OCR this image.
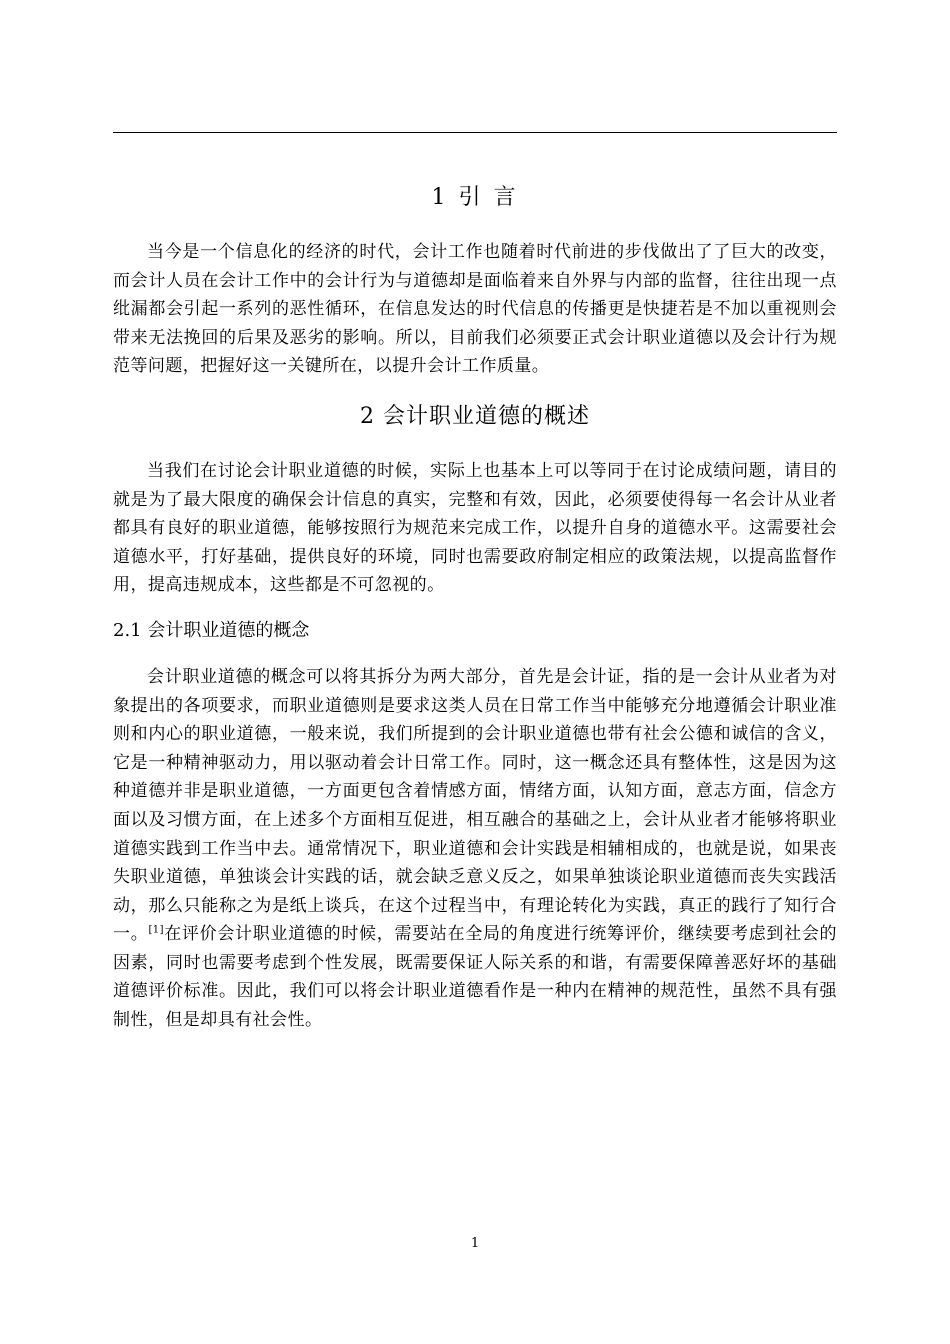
1 引 言

当今是一个信息化的经济的时代，会计工作也随着时代前进的步伐做出了了巨大的改变，而会计人员在会计工作中的会计行为与道德却是面临着来自外界与内部的监督，往往出现一点纰漏都会引起一系列的恶性循环，在信息发达的时代信息的传播更是快捷若是不加以重视则会带来无法挽回的后果及恶劣的影响。所以，目前我们必须要正式会计职业道德以及会计行为规范等问题，把握好这一关键所在，以提升会计工作质量。

2 会计职业道德的概述

当我们在讨论会计职业道德的时候，实际上也基本上可以等同于在讨论成绩问题，请目的就是为了最大限度的确保会计信息的真实，完整和有效，因此，必须要使得每一名会计从业者都具有良好的职业道德，能够按照行为规范来完成工作，以提升自身的道德水平。这需要社会道德水平，打好基础，提供良好的环境，同时也需要政府制定相应的政策法规，以提高监督作用，提高违规成本，这些都是不可忽视的。

2.1 会计职业道德的概念

会计职业道德的概念可以将其拆分为两大部分，首先是会计证，指的是一会计从业者为对象提出的各项要求，而职业道德则是要求这类人员在日常工作当中能够充分地遵循会计职业准则和内心的职业道德，一般来说，我们所提到的会计职业道德也带有社会公德和诚信的含义，它是一种精神驱动力，用以驱动着会计日常工作。同时，这一概念还具有整体性，这是因为这种道德并非是职业道德，一方面更包含着情感方面，情绪方面，认知方面，意志方面，信念方面以及习惯方面，在上述多个方面相互促进，相互融合的基础之上，会计从业者才能够将职业道德实践到工作当中去。通常情况下，职业道德和会计实践是相辅相成的，也就是说，如果丧失职业道德，单独谈会计实践的话，就会缺乏意义反之，如果单独谈论职业道德而丧失实践活动，那么只能称之为是纸上谈兵，在这个过程当中，有理论转化为实践，真正的践行了知行合一。[1]在评价会计职业道德的时候，需要站在全局的角度进行统筹评价，继续要考虑到社会的因素，同时也需要考虑到个性发展，既需要保证人际关系的和谐，有需要保障善恶好坏的基础道德评价标准。因此，我们可以将会计职业道德看作是一种内在精神的规范性，虽然不具有强制性，但是却具有社会性。

1
